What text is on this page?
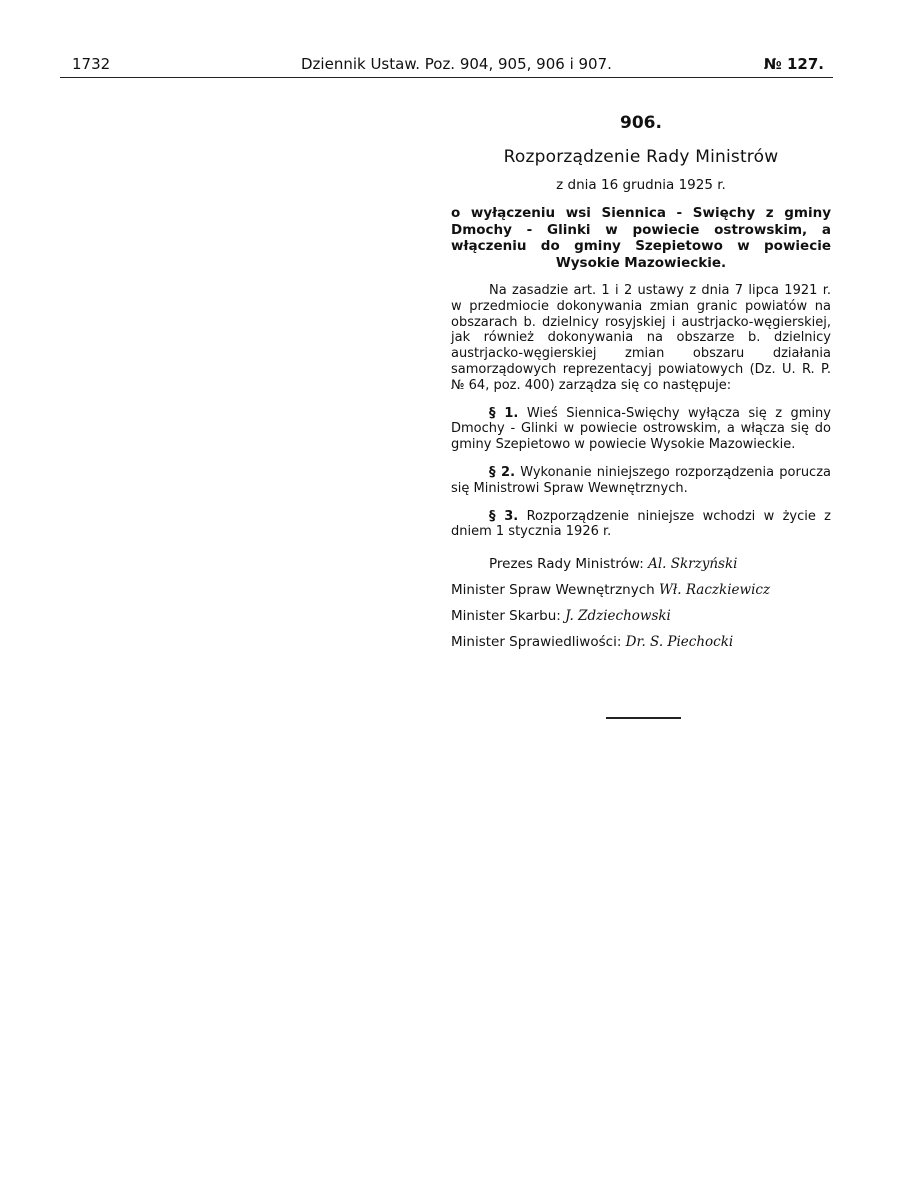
1732	Dziennik Ustaw. Poz. 904, 905, 906 i 907.	№ 127.
906.
Rozporządzenie Rady Ministrów
z dnia 16 grudnia 1925 r.
o wyłączeniu wsi Siennica - Swięchy z gminy Dmochy - Glinki w powiecie ostrowskim, a włączeniu do gminy Szepietowo w powiecie Wysokie Mazowieckie.
Na zasadzie art. 1 i 2 ustawy z dnia 7 lipca 1921 r. w przedmiocie dokonywania zmian granic powiatów na obszarach b. dzielnicy rosyjskiej i austrjacko-węgierskiej, jak również dokonywania na obszarze b. dzielnicy austrjacko-węgierskiej zmian obszaru działania samorządowych reprezentacyj powiatowych (Dz. U. R. P. № 64, poz. 400) zarządza się co następuje:
§ 1. Wieś Siennica-Swięchy wyłącza się z gminy Dmochy - Glinki w powiecie ostrowskim, a włącza się do gminy Szepietowo w powiecie Wysokie Mazowieckie.
§ 2. Wykonanie niniejszego rozporządzenia porucza się Ministrowi Spraw Wewnętrznych.
§ 3. Rozporządzenie niniejsze wchodzi w życie z dniem 1 stycznia 1926 r.
Prezes Rady Ministrów: Al. Skrzyński
Minister Spraw Wewnętrznych Wł. Raczkiewicz
Minister Skarbu: J. Zdziechowski
Minister Sprawiedliwości: Dr. S. Piechocki
